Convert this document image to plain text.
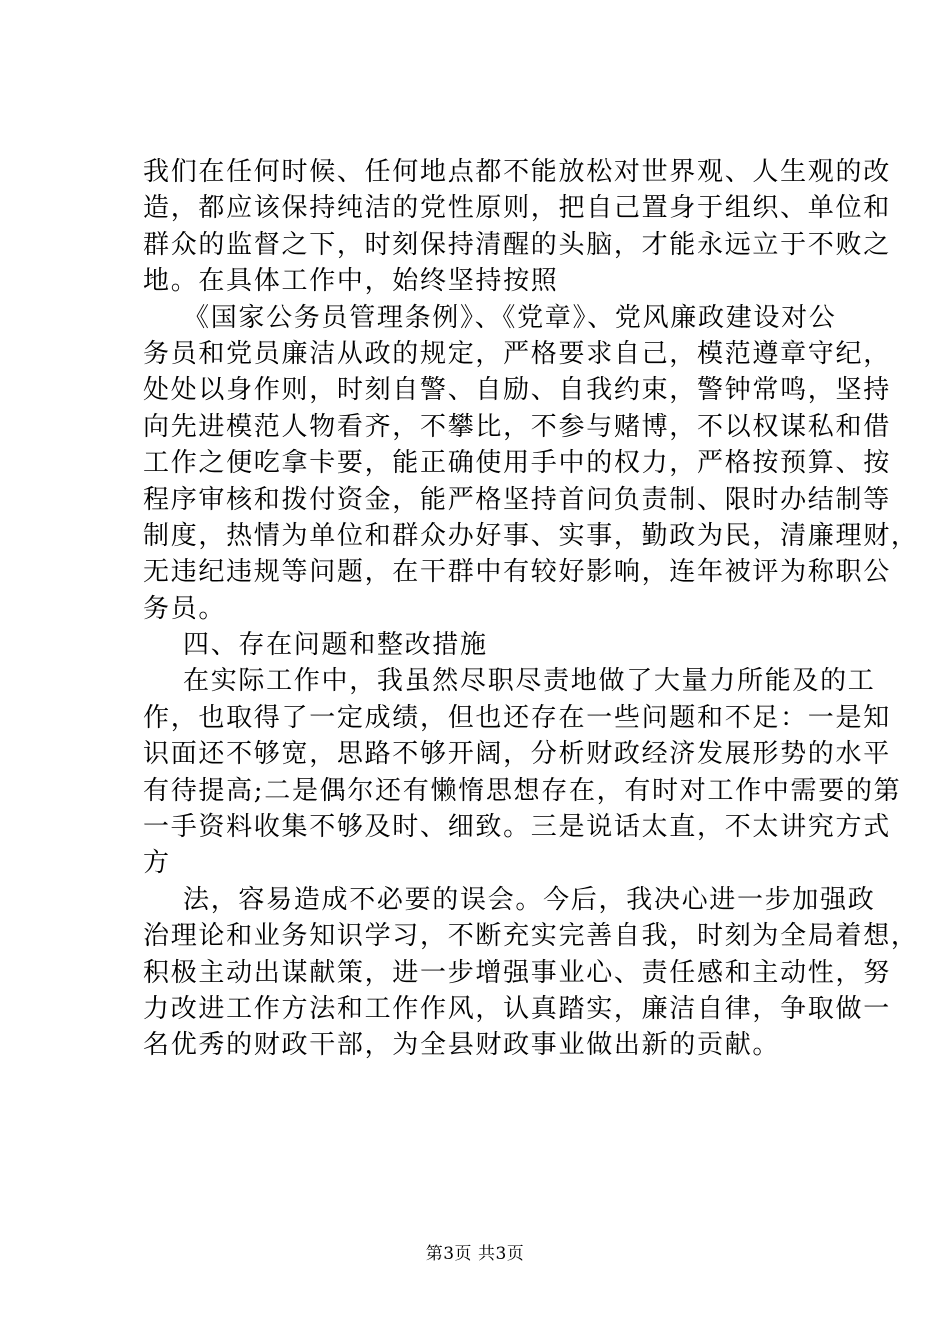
我们在任何时候、任何地点都不能放松对世界观、人生观的改
造，都应该保持纯洁的党性原则，把自己置身于组织、单位和
群众的监督之下，时刻保持清醒的头脑，才能永远立于不败之
地。在具体工作中，始终坚持按照
《国家公务员管理条例》、《党章》、党风廉政建设对公
务员和党员廉洁从政的规定，严格要求自己，模范遵章守纪，
处处以身作则，时刻自警、自励、自我约束，警钟常鸣，坚持
向先进模范人物看齐，不攀比，不参与赌博，不以权谋私和借
工作之便吃拿卡要，能正确使用手中的权力，严格按预算、按
程序审核和拨付资金，能严格坚持首问负责制、限时办结制等
制度，热情为单位和群众办好事、实事，勤政为民，清廉理财，
无违纪违规等问题，在干群中有较好影响，连年被评为称职公
务员。
四、存在问题和整改措施
在实际工作中，我虽然尽职尽责地做了大量力所能及的工
作，也取得了一定成绩，但也还存在一些问题和不足：一是知
识面还不够宽，思路不够开阔，分析财政经济发展形势的水平
有待提高;二是偶尔还有懒惰思想存在，有时对工作中需要的第
一手资料收集不够及时、细致。三是说话太直，不太讲究方式
方
法，容易造成不必要的误会。今后，我决心进一步加强政
治理论和业务知识学习，不断充实完善自我，时刻为全局着想，
积极主动出谋献策，进一步增强事业心、责任感和主动性，努
力改进工作方法和工作作风，认真踏实，廉洁自律，争取做一
名优秀的财政干部，为全县财政事业做出新的贡献。
第3页 共3页
